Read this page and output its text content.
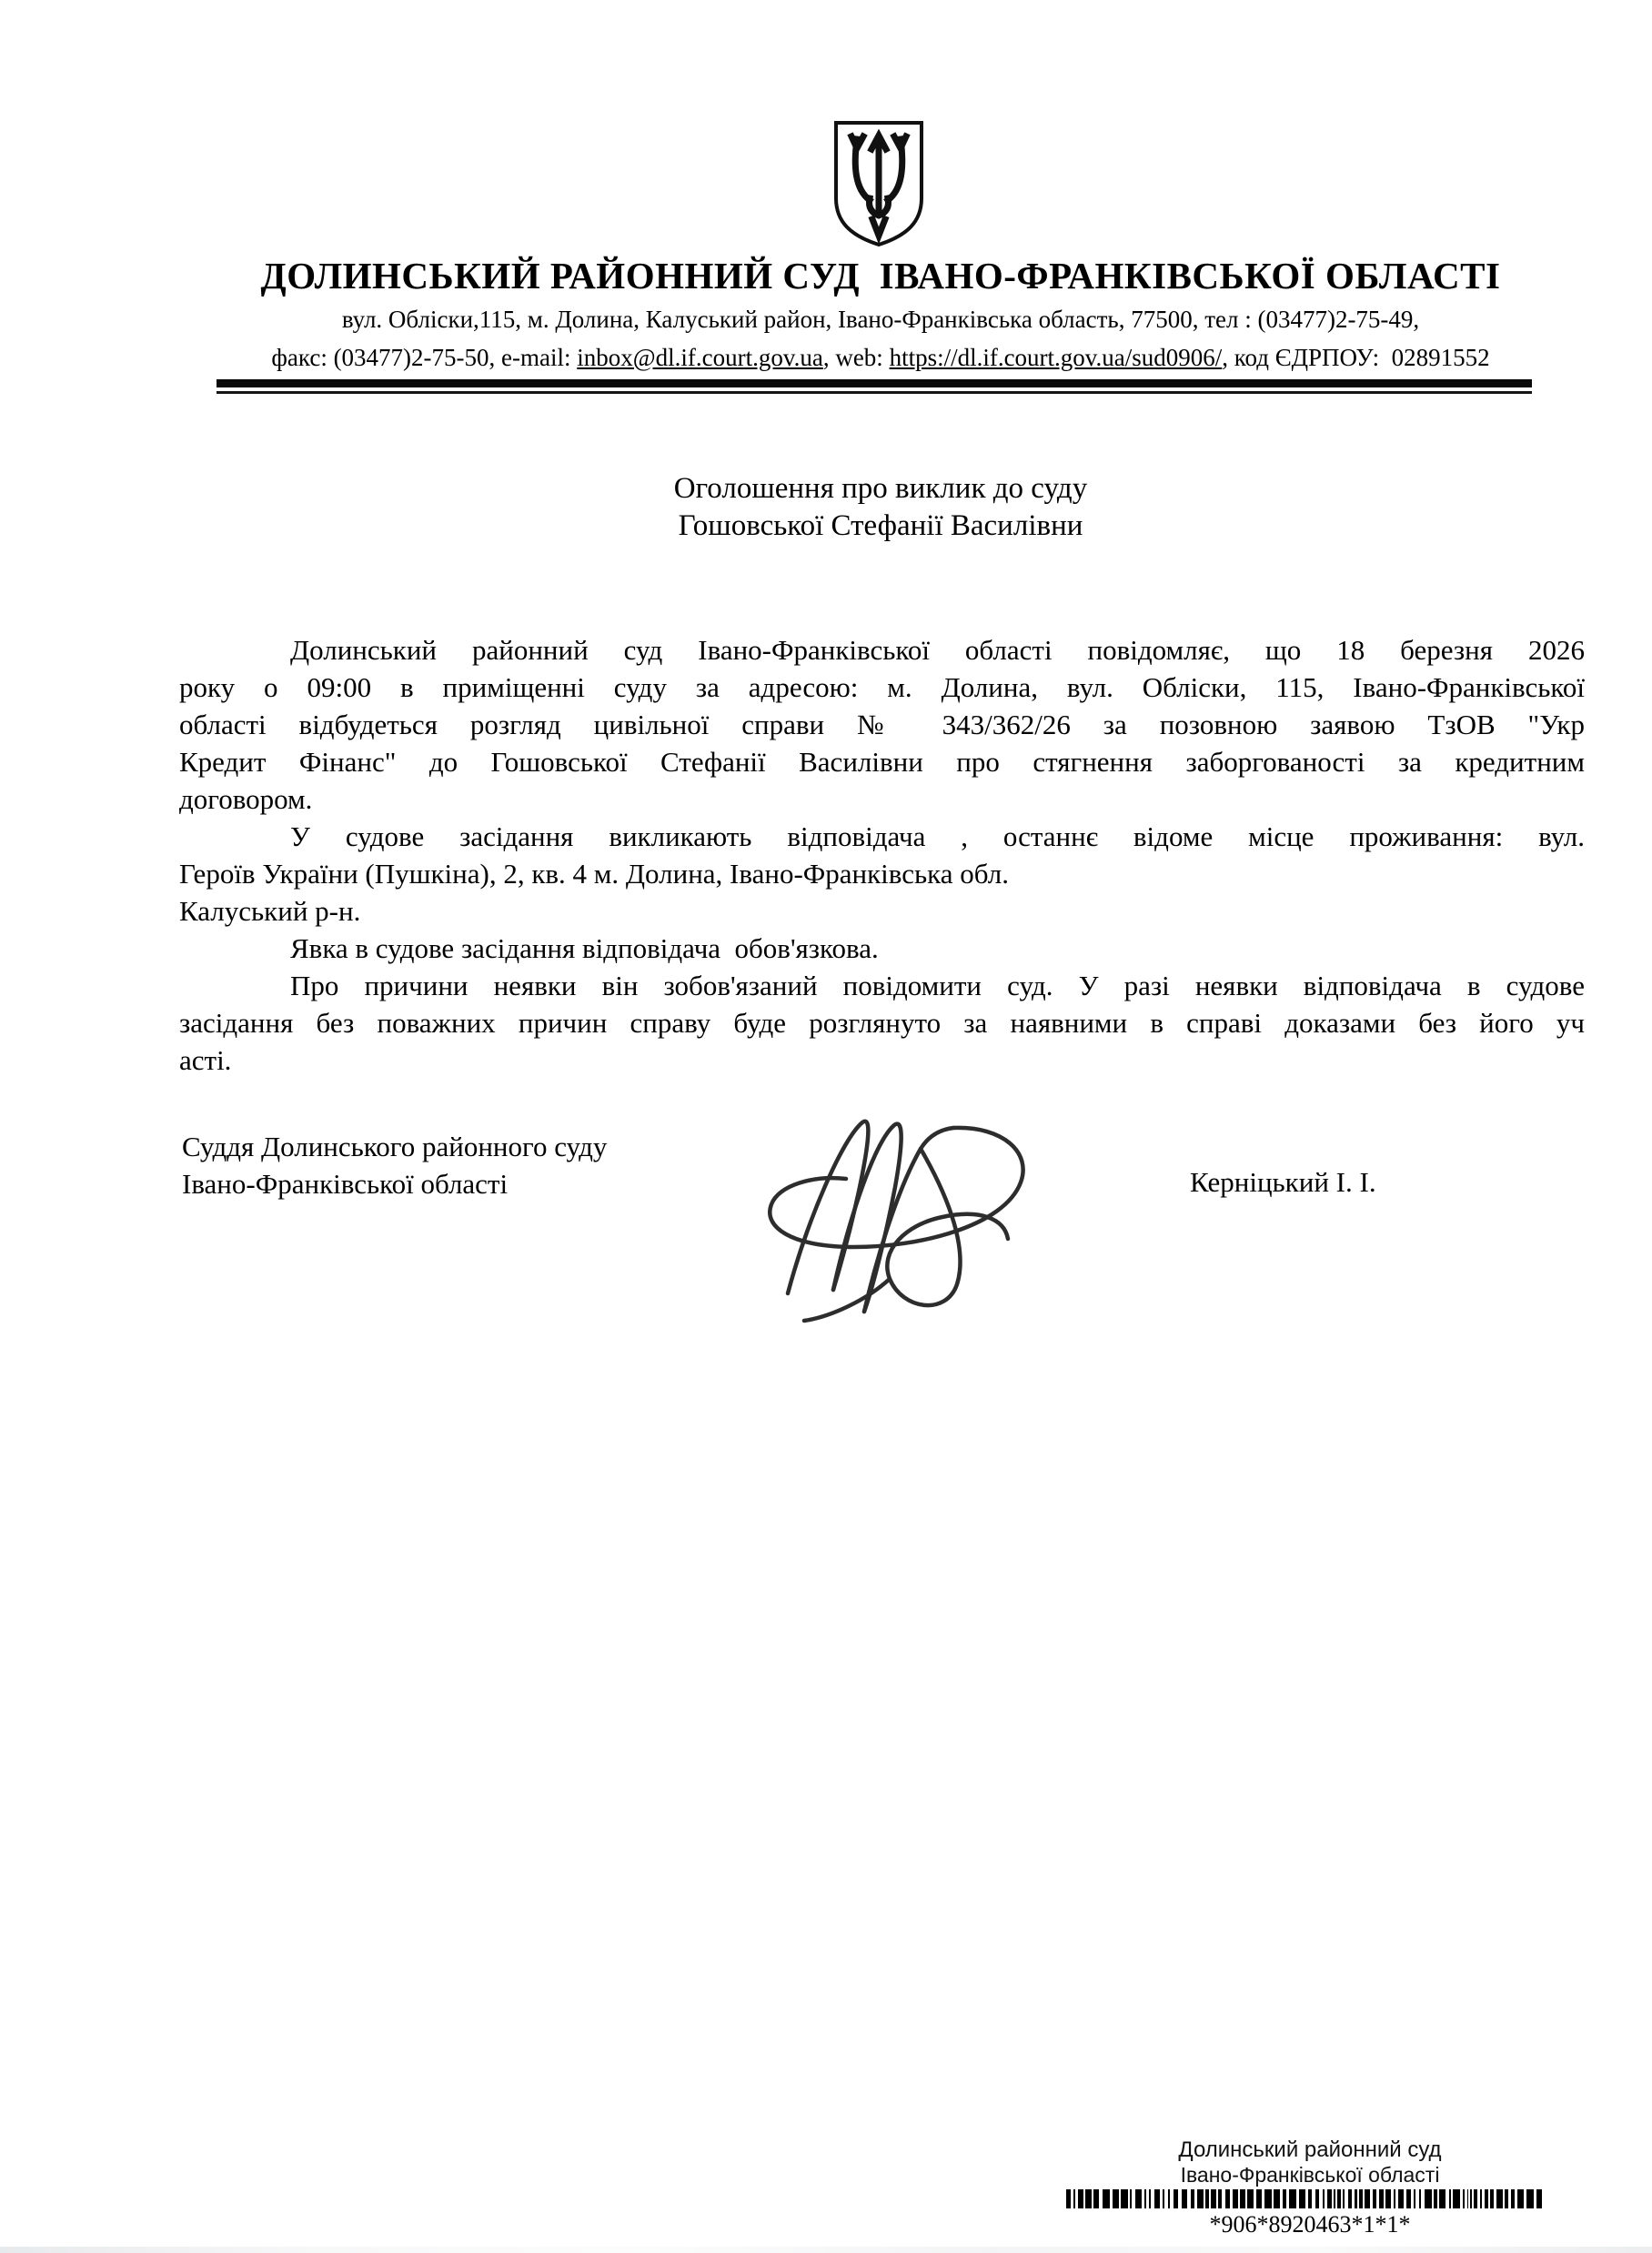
ДОЛИНСЬКИЙ РАЙОННИЙ СУД  ІВАНО-ФРАНКІВСЬКОЇ ОБЛАСТІ
вул. Обліски,115, м. Долина, Калуський район, Івано-Франківська область, 77500, тел : (03477)2-75-49,
факс: (03477)2-75-50, e-mail: inbox@dl.if.court.gov.ua, web: https://dl.if.court.gov.ua/sud0906/, код ЄДРПОУ:  02891552
Оголошення про виклик до суду
Гошовської Стефанії Василівни
Долинський районний суд Івано-Франківської області повідомляє, що 18 березня 2026
року о 09:00 в приміщенні суду за адресою: м. Долина, вул. Обліски, 115, Івано-Франківської
області відбудеться розгляд цивільної справи № 343/362/26 за позовною заявою ТзОВ "Укр
Кредит Фінанс" до Гошовської Стефанії Василівни про стягнення заборгованості за кредитним
договором.
У судове засідання викликають відповідача , останнє відоме місце проживання: вул.
Героїв України (Пушкіна), 2, кв. 4 м. Долина, Івано-Франківська обл.
Калуський р-н.
Явка в судове засідання відповідача  обов'язкова.
Про причини неявки він зобов'язаний повідомити суд. У разі неявки відповідача в судове
засідання без поважних причин справу буде розглянуто за наявними в справі доказами без його уч
асті.
Суддя Долинського районного суду
Івано-Франківської області	Керніцький І. І.
Долинський районний суд
Івано-Франківської області
*906*8920463*1*1*
